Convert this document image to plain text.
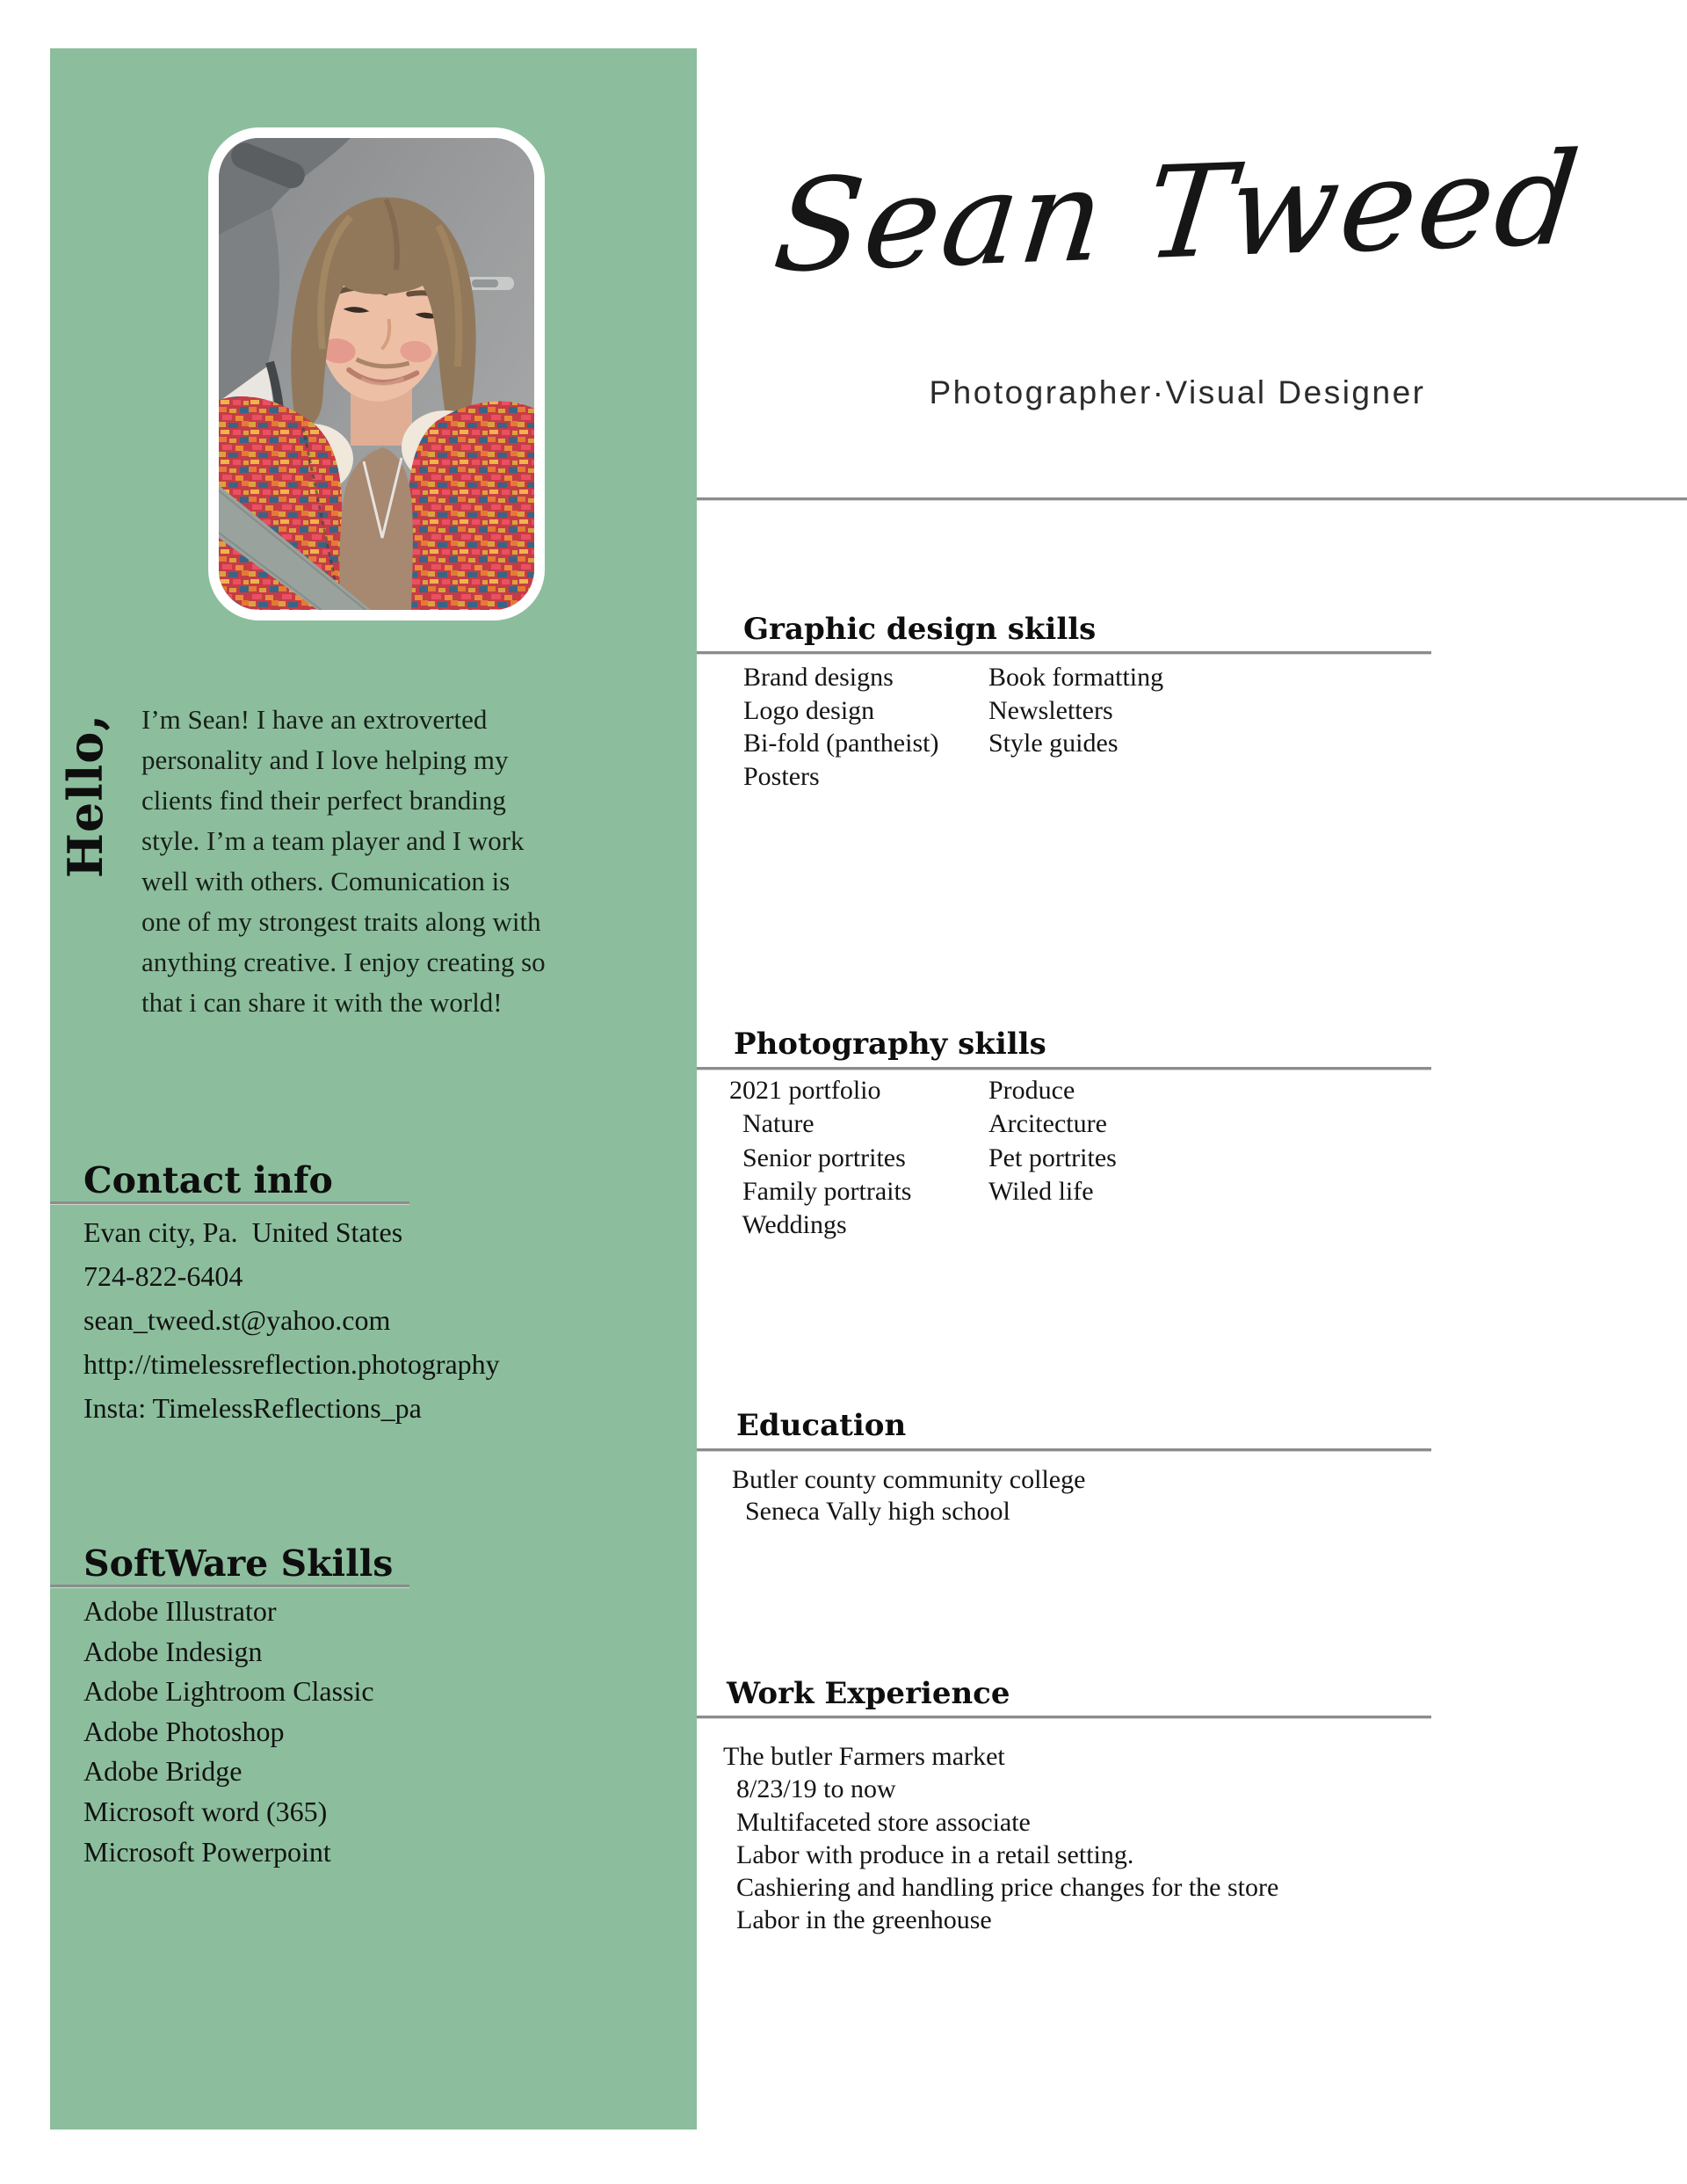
Hello, I’m Sean! I have an extroverted
personality and I love helping my
clients find their perfect branding
style. I’m a team player and I work
well with others. Comunication is
one of my strongest traits along with
anything creative. I enjoy creating so
that i can share it with the world!
Contact info
Evan city, Pa.  United States
724-822-6404
sean_tweed.st@yahoo.com
http://timelessreflection.photography
Insta: TimelessReflections_pa
SoftWare Skills
Adobe Illustrator
Adobe Indesign
Adobe Lightroom Classic
Adobe Photoshop
Adobe Bridge
Microsoft word (365)
Microsoft Powerpoint
Sean Tweed
Photographer·Visual Designer
Graphic design skills
Brand designs
Logo design
Bi-fold (pantheist)
Posters
Book formatting
Newsletters
Style guides
Photography skills
2021 portfolio
Nature
Senior portrites
Family portraits
Weddings
Produce
Arcitecture
Pet portrites
Wiled life
Education
Butler county community college
Seneca Vally high school
Work Experience
The butler Farmers market
8/23/19 to now
Multifaceted store associate
Labor with produce in a retail setting.
Cashiering and handling price changes for the store
Labor in the greenhouse
